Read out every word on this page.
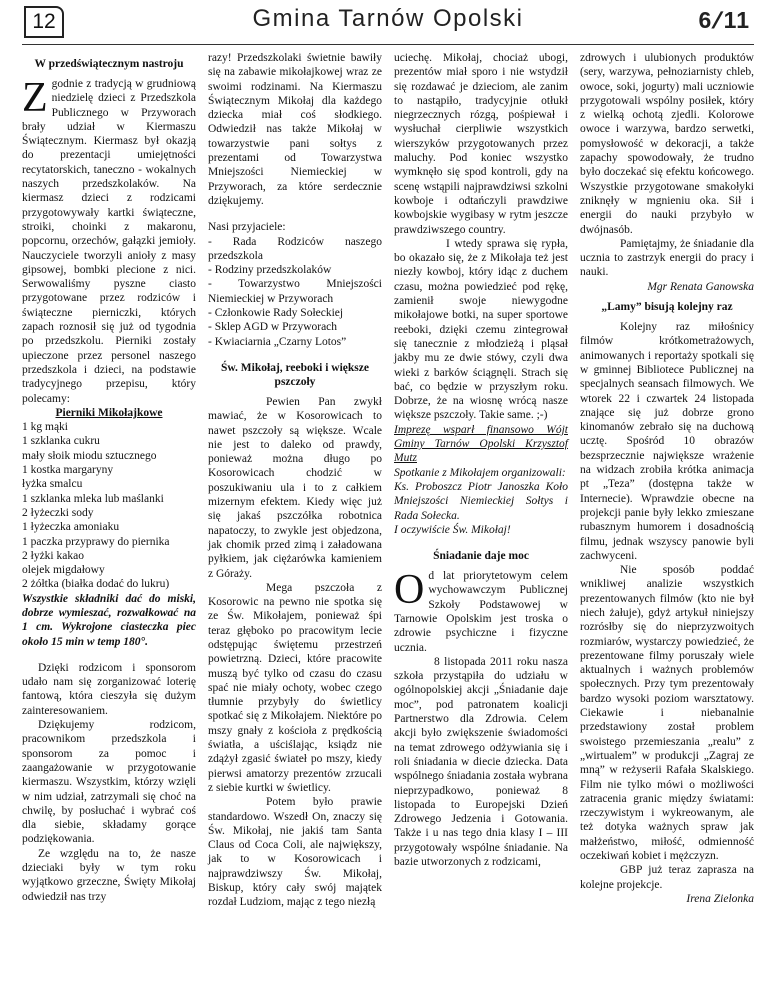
12	Gmina Tarnów Opolski	6/11
W przedświątecznym nastroju
Z godnie z tradycją w grudniową niedzielę dzieci z Przedszkola Publicznego w Przyworach brały udział w Kiermaszu Świątecznym. Kiermasz był okazją do prezentacji umiejętności recytatorskich, taneczno - wokalnych naszych przedszkolaków. Na kiermasz dzieci z rodzicami przygotowywały kartki świąteczne, stroiki, choinki z makaronu, popcornu, orzechów, gałązki jemioły. Nauczyciele tworzyli anioły z masy gipsowej, bombki plecione z nici. Serwowaliśmy pyszne ciasto przygotowane przez rodziców i świąteczne pierniczki, których zapach roznosił się już od tygodnia po przedszkolu. Pierniki zostały upieczone przez personel naszego przedszkola i dzieci, na podstawie tradycyjnego przepisu, który polecamy:

Pierniki Mikołajkowe

1 kg mąki

1 szklanka cukru

mały słoik miodu sztucznego

1 kostka margaryny

łyżka smalcu

1 szklanka mleka lub maślanki

2 łyżeczki sody

1 łyżeczka amoniaku

1 paczka przyprawy do piernika

2 łyżki kakao

olejek migdałowy

2 żółtka (białka dodać do lukru)

Wszystkie składniki dać do miski, dobrze wymieszać, rozwałkować na 1 cm. Wykrojone ciasteczka piec około 15 min w temp 180°.

Dzięki rodzicom i sponsorom udało nam się zorganizować loterię fantową, która cieszyła się dużym zainteresowaniem.

Dziękujemy rodzicom, pracownikom przedszkola i sponsorom za pomoc i zaangażowanie w przygotowanie kiermaszu. Wszystkim, którzy wzięli w nim udział, zatrzymali się choć na chwilę, by posłuchać i wybrać coś dla siebie, składamy gorące podziękowania.

Ze względu na to, że nasze dzieciaki były w tym roku wyjątkowo grzeczne, Święty Mikołaj odwiedził nas trzy

razy! Przedszkolaki świetnie bawiły się na zabawie mikołajkowej wraz ze swoimi rodzinami. Na Kiermaszu Świątecznym Mikołaj dla każdego dziecka miał coś słodkiego. Odwiedził nas także Mikołaj w towarzystwie pani sołtys z prezentami od Towarzystwa Mniejszości Niemieckiej w Przyworach, za które serdecznie dziękujemy.

Nasi przyjaciele:

- Rada Rodziców naszego przedszkola

- Rodziny przedszkolaków

- Towarzystwo Mniejszości Niemieckiej w Przyworach

- Członkowie Rady Sołeckiej

- Sklep AGD w Przyworach

- Kwiaciarnia „Czarny Lotos”

Św. Mikołaj, reeboki i większe pszczoły

Pewien Pan zwykł mawiać, że w Kosorowicach to nawet pszczoły są większe. Wcale nie jest to daleko od prawdy, ponieważ można długo po Kosorowicach chodzić w poszukiwaniu ula i to z całkiem mizernym efektem. Kiedy więc już się jakaś pszczółka robotnica napatoczy, to zwykle jest objedzona, jak chomik przed zimą i załadowana pyłkiem, jak ciężarówka kamieniem z Góraży.

Mega pszczoła z Kosorowic na pewno nie spotka się ze Św. Mikołajem, ponieważ śpi teraz głęboko po pracowitym lecie odstępując świętemu przestrzeń powietrzną. Dzieci, które pracowite muszą być tylko od czasu do czasu spać nie miały ochoty, wobec czego tłumnie przybyły do świetlicy spotkać się z Mikołajem. Niektóre po mszy gnały z kościoła z prędkością światła, a uściślając, ksiądz nie zdążył zgasić świateł po mszy, kiedy pierwsi amatorzy prezentów zrzucali z siebie kurtki w świetlicy.

Potem było prawie standardowo. Wszedł On, znaczy się Św. Mikołaj, nie jakiś tam Santa Claus od Coca Coli, ale największy, jak to w Kosorowicach i najprawdziwszy Św. Mikołaj, Biskup, który cały swój majątek rozdał Ludziom, mając z tego niezłą

uciechę. Mikołaj, chociaż ubogi, prezentów miał sporo i nie wstydził się rozdawać je dzieciom, ale zanim to nastąpiło, tradycyjnie otłukł niegrzecznych rózgą, pośpiewał i wysłuchał cierpliwie wszystkich wierszyków przygotowanych przez maluchy. Pod koniec wszystko wymknęło się spod kontroli, gdy na scenę wstąpili najprawdziwsi szkolni kowboje i odtańczyli prawdziwe kowbojskie wygibasy w rytm jeszcze prawdziwszego country.

I wtedy sprawa się rypła, bo okazało się, że z Mikołaja też jest niezły kowboj, który idąc z duchem czasu, można powiedzieć pod rękę, zamienił swoje niewygodne mikołajowe botki, na super sportowe reeboki, dzięki czemu zintegrował się tanecznie z młodzieżą i pląsał jakby mu ze dwie stówy, czyli dwa wieki z barków ściągnęli. Strach się bać, co będzie w przyszłym roku. Dobrze, że na wiosnę wrócą nasze większe pszczoły. Takie same. ;-)

Imprezę wsparł finansowo Wójt Gminy Tarnów Opolski Krzysztof Mutz

Spotkanie z Mikołajem organizowali:

Ks. Proboszcz Piotr Janoszka Koło Mniejszości Niemieckiej Sołtys i Rada Sołecka.

I oczywiście Św. Mikołaj!

Śniadanie daje moc
O d lat priorytetowym celem wychowawczym Publicznej Szkoły Podstawowej w Tarnowie Opolskim jest troska o zdrowie psychiczne i fizyczne ucznia.

8 listopada 2011 roku nasza szkoła przystąpiła do udziału w ogólnopolskiej akcji „Śniadanie daje moc”, pod patronatem koalicji Partnerstwo dla Zdrowia. Celem akcji było zwiększenie świadomości na temat zdrowego odżywiania się i roli śniadania w diecie dziecka. Data wspólnego śniadania została wybrana nieprzypadkowo, ponieważ 8 listopada to Europejski Dzień Zdrowego Jedzenia i Gotowania. Także i u nas tego dnia klasy I – III przygotowały wspólne śniadanie. Na bazie utworzonych z rodzicami,

zdrowych i ulubionych produktów (sery, warzywa, pełnoziarnisty chleb, owoce, soki, jogurty) mali uczniowie przygotowali wspólny posiłek, który z wielką ochotą zjedli. Kolorowe owoce i warzywa, bardzo serwetki, pomysłowość w dekoracji, a także zapachy spowodowały, że trudno było doczekać się efektu końcowego. Wszystkie przygotowane smakołyki zniknęły w mgnieniu oka. Sił i energii do nauki przybyło w dwójnasób.

Pamiętajmy, że śniadanie dla ucznia to zastrzyk energii do pracy i nauki.

Mgr Renata Ganowska

„Lamy” bisują kolejny raz

Kolejny raz miłośnicy filmów krótkometrażowych, animowanych i reportaży spotkali się w gminnej Bibliotece Publicznej na specjalnych seansach filmowych. We wtorek 22 i czwartek 24 listopada znające się już dobrze grono kinomanów zebrało się na duchową ucztę. Spośród 10 obrazów bezsprzecznie największe wrażenie na widzach zrobiła krótka animacja pt „Teza” (dostępna także w Internecie). Wprawdzie obecne na projekcji panie były lekko zmieszane rubasznym humorem i dosadnością filmu, jednak wszyscy panowie byli zachwyceni.

Nie sposób poddać wnikliwej analizie wszystkich prezentowanych filmów (kto nie był niech żałuje), gdyż artykuł niniejszy rozrósłby się do nieprzyzwoitych rozmiarów, wystarczy powiedzieć, że prezentowane filmy poruszały wiele aktualnych i ważnych problemów społecznych. Przy tym prezentowały bardzo wysoki poziom warsztatowy. Ciekawie i niebanalnie przedstawiony został problem swoistego przemieszania „realu” z „wirtualem” w produkcji „Zagraj ze mną” w reżyserii Rafała Skalskiego. Film nie tylko mówi o możliwości zatracenia granic między światami: rzeczywistym i wykreowanym, ale też dotyka ważnych spraw jak małżeństwo, miłość, odmienność oczekiwań kobiet i mężczyzn.

GBP już teraz zaprasza na kolejne projekcje.

Irena Zielonka
